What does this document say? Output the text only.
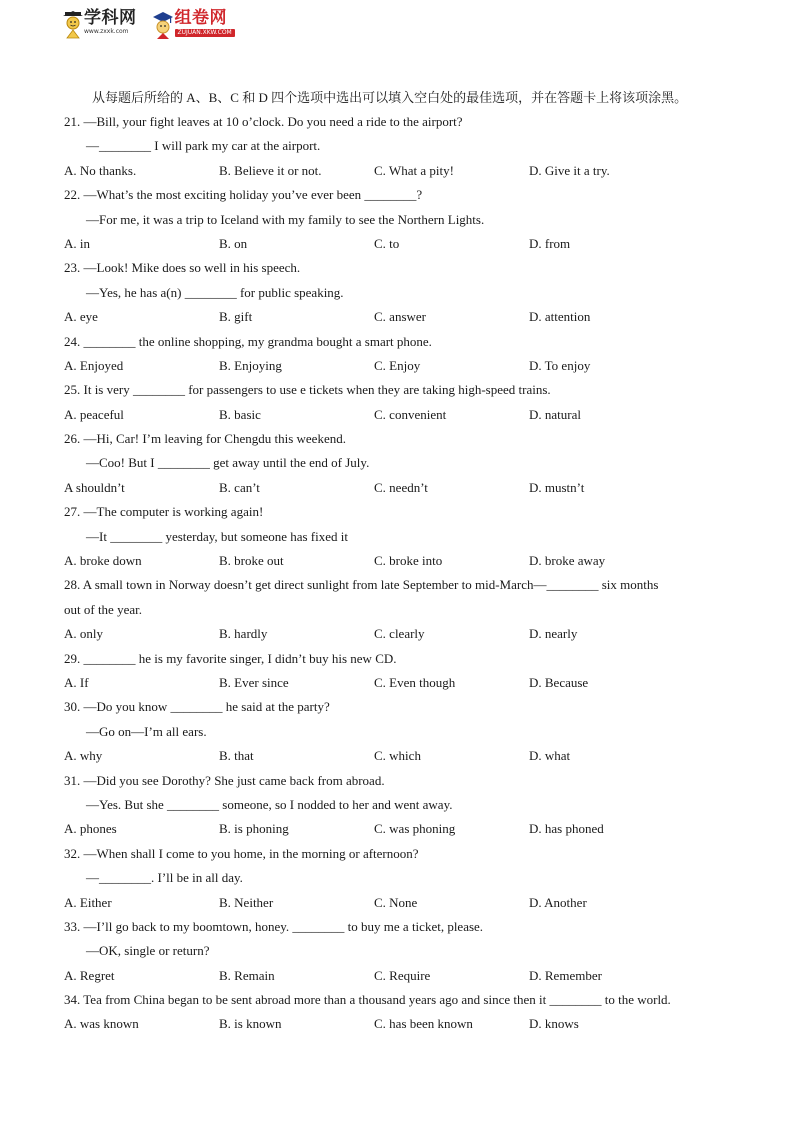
学科网
www.zxxk.com
组卷网
ZUJUAN.XKW.COM
从每题后所给的 A、B、C 和 D 四个选项中选出可以填入空白处的最佳选项，并在答题卡上将该项涂黑。
21. —Bill, your fight leaves at 10 o’clock. Do you need a ride to the airport?
—________ I will park my car at the airport.
A. No thanks.	B. Believe it or not.	C. What a pity!	D. Give it a try.
22. —What’s the most exciting holiday you’ve ever been ________?
—For me, it was a trip to Iceland with my family to see the Northern Lights.
A. in	B. on	C. to	D. from
23. —Look! Mike does so well in his speech.
—Yes, he has a(n) ________ for public speaking.
A. eye	B. gift	C. answer	D. attention
24. ________ the online shopping, my grandma bought a smart phone.
A. Enjoyed	B. Enjoying	C. Enjoy	D. To enjoy
25. It is very ________ for passengers to use e tickets when they are taking high-speed trains.
A. peaceful	B. basic	C. convenient	D. natural
26. —Hi, Car! I’m leaving for Chengdu this weekend.
—Coo! But I ________ get away until the end of July.
A shouldn’t	B. can’t	C. needn’t	D. mustn’t
27. —The computer is working again!
—It ________ yesterday, but someone has fixed it
A. broke down	B. broke out	C. broke into	D. broke away
28. A small town in Norway doesn’t get direct sunlight from late September to mid-March—________ six months
out of the year.
A. only	B. hardly	C. clearly	D. nearly
29. ________ he is my favorite singer, I didn’t buy his new CD.
A. If	B. Ever since	C. Even though	D. Because
30. —Do you know ________ he said at the party?
—Go on—I’m all ears.
A. why	B. that	C. which	D. what
31. —Did you see Dorothy? She just came back from abroad.
—Yes. But she ________ someone, so I nodded to her and went away.
A. phones	B. is phoning	C. was phoning	D. has phoned
32. —When shall I come to you home, in the morning or afternoon?
—________. I’ll be in all day.
A. Either	B. Neither	C. None	D. Another
33. —I’ll go back to my boomtown, honey. ________ to buy me a ticket, please.
—OK, single or return?
A. Regret	B. Remain	C. Require	D. Remember
34. Tea from China began to be sent abroad more than a thousand years ago and since then it ________ to the world.
A. was known	B. is known	C. has been known	D. knows
